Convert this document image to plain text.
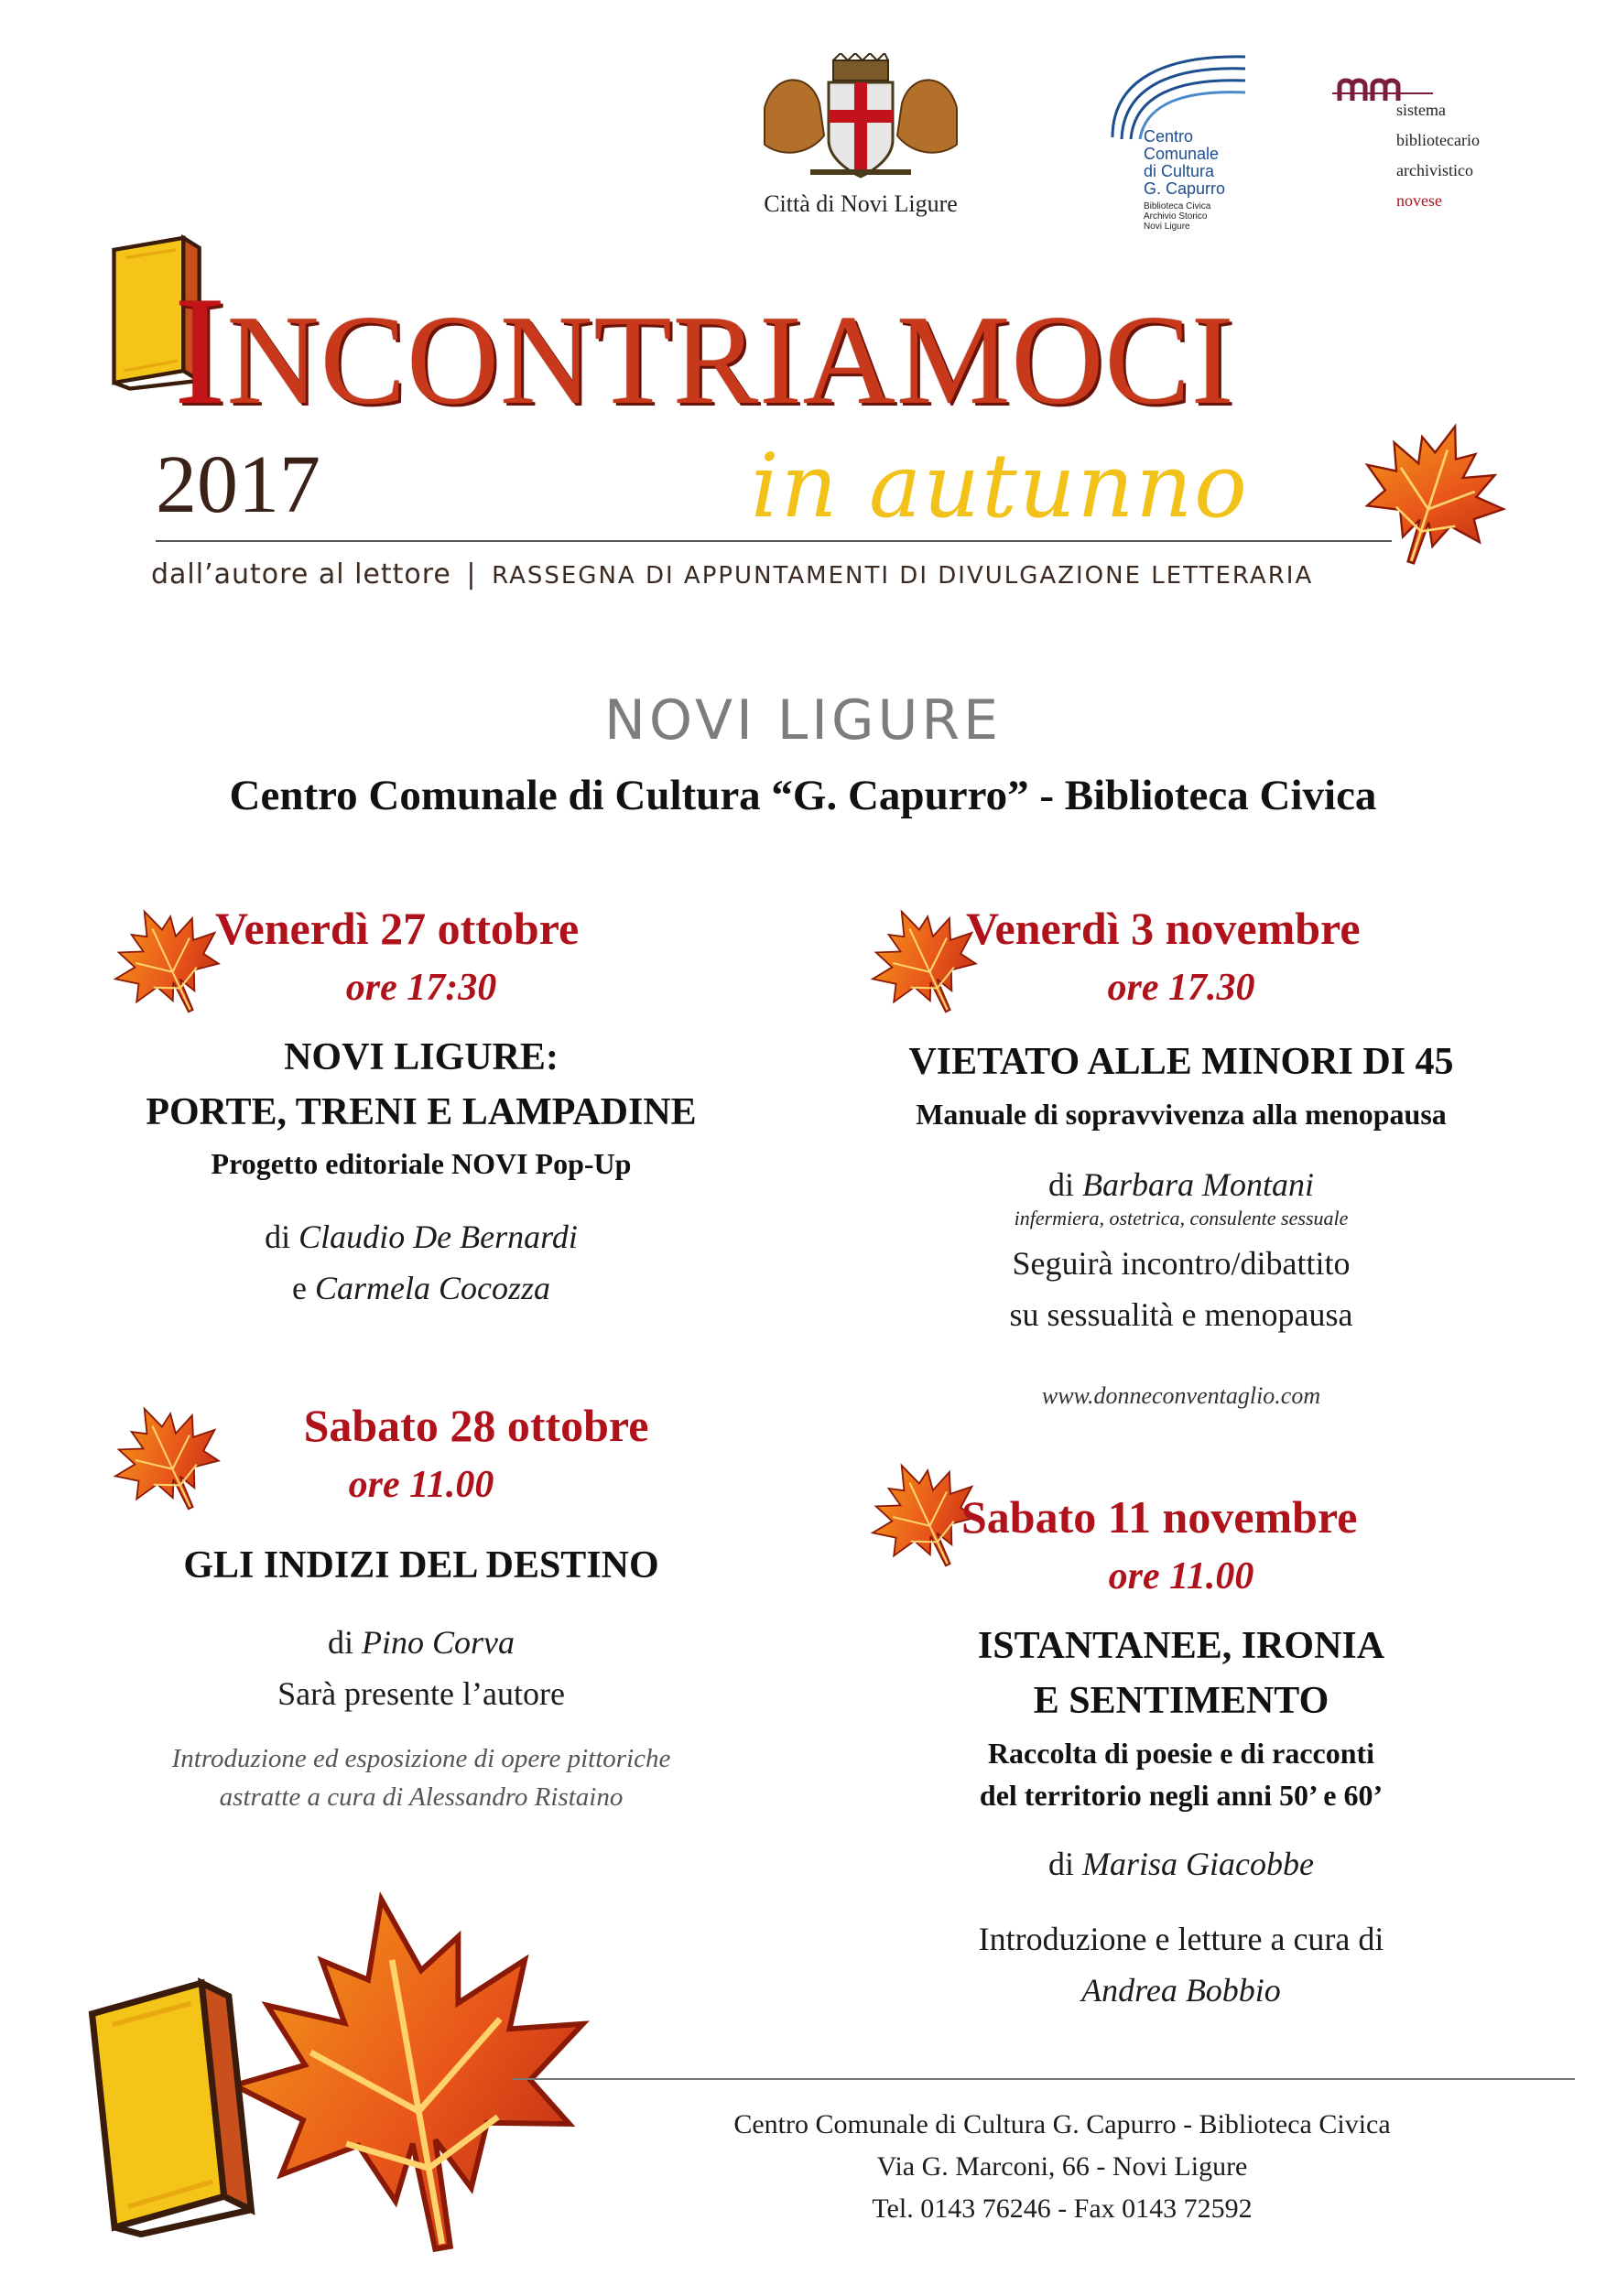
Città di Novi Ligure
Centro
Comunale
di Cultura
G. Capurro
Biblioteca Civica
Archivio Storico
Novi Ligure
sistema
bibliotecario
archivistico
novese
INCONTRIAMOCI
2017	in autunno
dall’autore al lettore | RASSEGNA DI APPUNTAMENTI DI DIVULGAZIONE LETTERARIA
NOVI LIGURE
Centro Comunale di Cultura “G. Capurro” - Biblioteca Civica
Venerdì 27 ottobre
ore 17:30
NOVI LIGURE:
PORTE, TRENI E LAMPADINE
Progetto editoriale NOVI Pop-Up
di Claudio De Bernardi
e Carmela Cocozza
Sabato 28 ottobre
ore 11.00
GLI INDIZI DEL DESTINO
di Pino Corva
Sarà presente l’autore
Introduzione ed esposizione di opere pittoriche
astratte a cura di Alessandro Ristaino
Venerdì 3 novembre
ore 17.30
VIETATO ALLE MINORI DI 45
Manuale di sopravvivenza alla menopausa
di Barbara Montani
infermiera, ostetrica, consulente sessuale
Seguirà incontro/dibattito
su sessualità e menopausa
www.donneconventaglio.com
Sabato 11 novembre
ore 11.00
ISTANTANEE, IRONIA
E SENTIMENTO
Raccolta di poesie e di racconti
del territorio negli anni 50’ e 60’
di Marisa Giacobbe
Introduzione e letture a cura di
Andrea Bobbio
Centro Comunale di Cultura G. Capurro - Biblioteca Civica
Via G. Marconi, 66 - Novi Ligure
Tel. 0143 76246 - Fax 0143 72592
